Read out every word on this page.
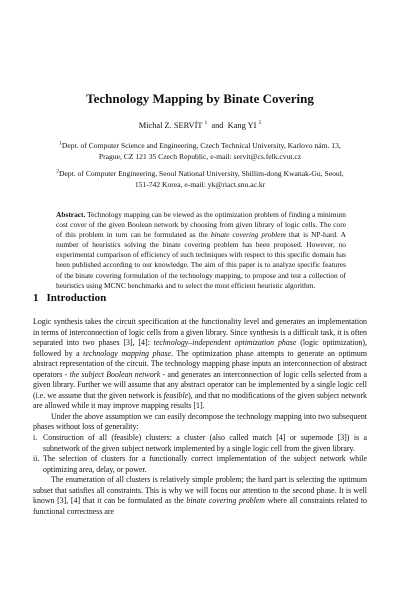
Technology Mapping by Binate Covering
Michal Z. SERVÍT $^1$ and Kang YI $^2$
$^1$Dept. of Computer Science and Engineering, Czech Technical University, Karlovo nám. 13,
Prague, CZ 121 35 Czech Republic, e-mail: servit@cs.felk.cvut.cz
$^2$Dept. of Computer Engineering, Seoul National University, Shillim-dong Kwanak-Gu, Seoul,
151-742 Korea, e-mail: yk@riact.snu.ac.kr
Abstract. Technology mapping can be viewed as the optimization problem of finding a minimum cost cover of the given Boolean network by choosing from given library of logic cells. The core of this problem in turn can be formulated as the binate covering problem that is NP-hard. A number of heuristics solving the binate covering problem has been proposed. However, no experimental comparison of efficiency of such techniques with respect to this specific domain has been published according to our knowledge. The aim of this paper is to analyze specific features of the binate covering formulation of the technology mapping, to propose and test a collection of heuristics using MCNC benchmarks and to select the most efficient heuristic algorithm.
1 Introduction

Logic synthesis takes the circuit specification at the functionality level and generates an implementation in terms of interconnection of logic cells from a given library. Since synthesis is a difficult task, it is often separated into two phases [3], [4]: technology–independent optimization phase (logic optimization), followed by a technology mapping phase. The optimization phase attempts to generate an optimum abstract representation of the circuit. The technology mapping phase inputs an interconnection of abstract operators - the subject Boolean network - and generates an interconnection of logic cells selected from a given library. Further we will assume that any abstract operator can be implemented by a single logic cell (i.e. we assume that the given network is feasible), and that no modifications of the given subject network are allowed while it may improve mapping results [1].

Under the above assumption we can easily decompose the technology mapping into two subsequent phases without loss of generality:

i. Construction of all (feasible) clusters: a cluster (also called match [4] or supernode [3]) is a subnetwork of the given subject network implemented by a single logic cell from the given library.
ii. The selection of clusters for a functionally correct implementation of the subject network while optimizing area, delay, or power.

The enumeration of all clusters is relatively simple problem; the hard part is selecting the optimum subset that satisfies all constraints. This is why we will focus our attention to the second phase. It is well known [3], [4] that it can be formulated as the binate covering problem where all constraints related to functional correctness are
